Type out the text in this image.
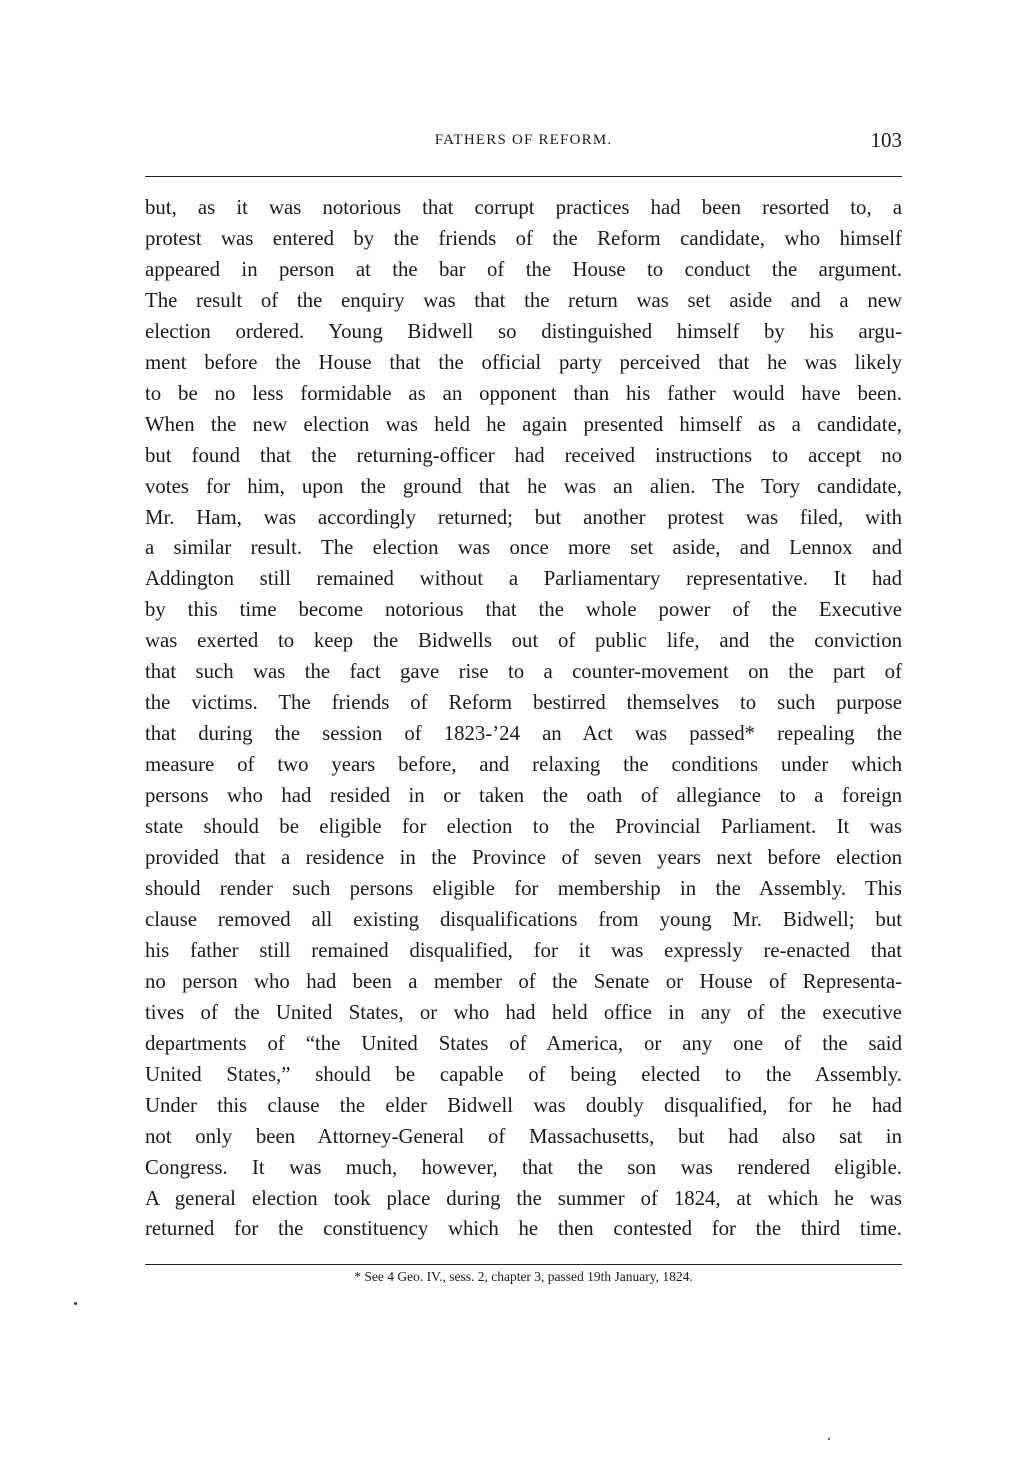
FATHERS OF REFORM.	103
but, as it was notorious that corrupt practices had been resorted to, a
protest was entered by the friends of the Reform candidate, who himself
appeared in person at the bar of the House to conduct the argument.
The result of the enquiry was that the return was set aside and a new
election ordered. Young Bidwell so distinguished himself by his argu-
ment before the House that the official party perceived that he was likely
to be no less formidable as an opponent than his father would have been.
When the new election was held he again presented himself as a candidate,
but found that the returning-officer had received instructions to accept no
votes for him, upon the ground that he was an alien. The Tory candidate,
Mr. Ham, was accordingly returned; but another protest was filed, with
a similar result. The election was once more set aside, and Lennox and
Addington still remained without a Parliamentary representative. It had
by this time become notorious that the whole power of the Executive
was exerted to keep the Bidwells out of public life, and the conviction
that such was the fact gave rise to a counter-movement on the part of
the victims. The friends of Reform bestirred themselves to such purpose
that during the session of 1823-’24 an Act was passed* repealing the
measure of two years before, and relaxing the conditions under which
persons who had resided in or taken the oath of allegiance to a foreign
state should be eligible for election to the Provincial Parliament. It was
provided that a residence in the Province of seven years next before election
should render such persons eligible for membership in the Assembly. This
clause removed all existing disqualifications from young Mr. Bidwell; but
his father still remained disqualified, for it was expressly re-enacted that
no person who had been a member of the Senate or House of Representa-
tives of the United States, or who had held office in any of the executive
departments of “the United States of America, or any one of the said
United States,” should be capable of being elected to the Assembly.
Under this clause the elder Bidwell was doubly disqualified, for he had
not only been Attorney-General of Massachusetts, but had also sat in
Congress. It was much, however, that the son was rendered eligible.
A general election took place during the summer of 1824, at which he was
returned for the constituency which he then contested for the third time.
* See 4 Geo. IV., sess. 2, chapter 3, passed 19th January, 1824.
